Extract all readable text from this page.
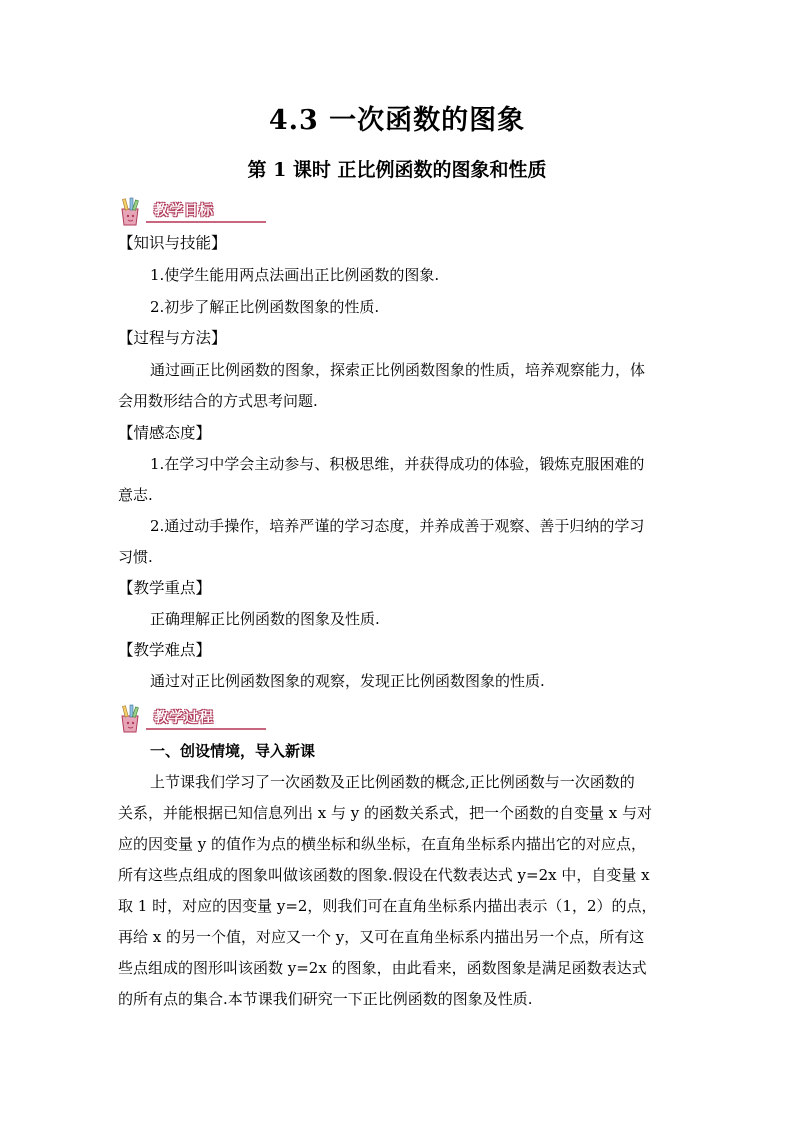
4.3 一次函数的图象
第 1 课时 正比例函数的图象和性质
教学目标
【知识与技能】
1.使学生能用两点法画出正比例函数的图象.
2.初步了解正比例函数图象的性质.
【过程与方法】
通过画正比例函数的图象，探索正比例函数图象的性质，培养观察能力，体
会用数形结合的方式思考问题.
【情感态度】
1.在学习中学会主动参与、积极思维，并获得成功的体验，锻炼克服困难的
意志.
2.通过动手操作，培养严谨的学习态度，并养成善于观察、善于归纳的学习
习惯.
【教学重点】
正确理解正比例函数的图象及性质.
【教学难点】
通过对正比例函数图象的观察，发现正比例函数图象的性质.
教学过程
一、创设情境，导入新课
上节课我们学习了一次函数及正比例函数的概念,正比例函数与一次函数的
关系，并能根据已知信息列出 x 与 y 的函数关系式，把一个函数的自变量 x 与对
应的因变量 y 的值作为点的横坐标和纵坐标，在直角坐标系内描出它的对应点，
所有这些点组成的图象叫做该函数的图象.假设在代数表达式 y=2x 中，自变量 x
取 1 时，对应的因变量 y=2，则我们可在直角坐标系内描出表示（1，2）的点，
再给 x 的另一个值，对应又一个 y，又可在直角坐标系内描出另一个点，所有这
些点组成的图形叫该函数 y=2x 的图象，由此看来，函数图象是满足函数表达式
的所有点的集合.本节课我们研究一下正比例函数的图象及性质.
